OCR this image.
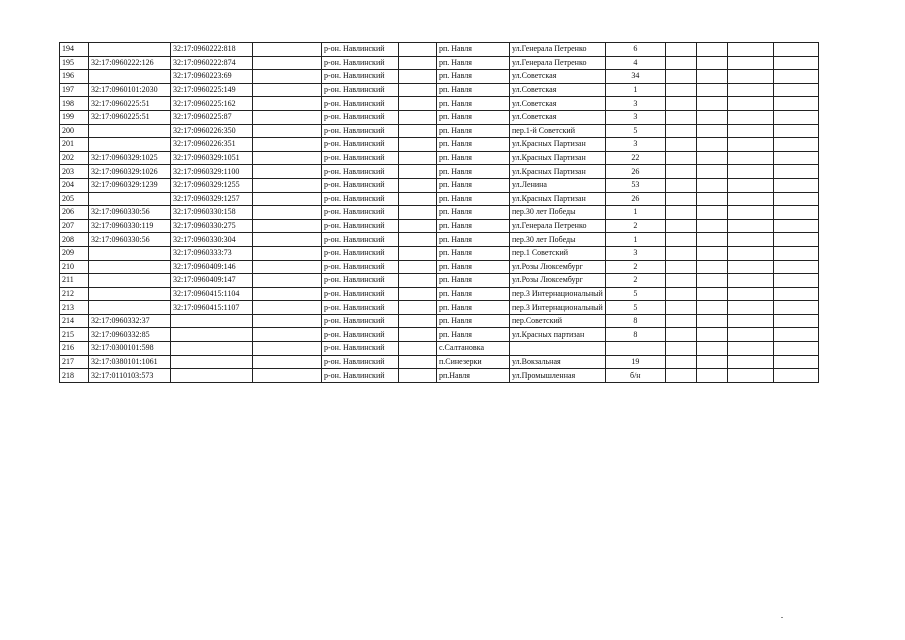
194		32:17:0960222:818		р-он. Навлинский		рп. Навля	ул.Генерала Петренко	6				
195	32:17:0960222:126	32:17:0960222:874		р-он. Навлинский		рп. Навля	ул.Генерала Петренко	4				
196		32:17:0960223:69		р-он. Навлинский		рп. Навля	ул.Советская	34				
197	32:17:0960101:2030	32:17:0960225:149		р-он. Навлинский		рп. Навля	ул.Советская	1				
198	32:17:0960225:51	32:17:0960225:162		р-он. Навлинский		рп. Навля	ул.Советская	3				
199	32:17:0960225:51	32:17:0960225:87		р-он. Навлинский		рп. Навля	ул.Советская	3				
200		32:17:0960226:350		р-он. Навлинский		рп. Навля	пер.1-й Советский	5				
201		32:17:0960226:351		р-он. Навлинский		рп. Навля	ул.Красных Партизан	3				
202	32:17:0960329:1025	32:17:0960329:1051		р-он. Навлинский		рп. Навля	ул.Красных Партизан	22				
203	32:17:0960329:1026	32:17:0960329:1100		р-он. Навлинский		рп. Навля	ул.Красных Партизан	26				
204	32:17:0960329:1239	32:17:0960329:1255		р-он. Навлинский		рп. Навля	ул.Ленина	53				
205		32:17:0960329:1257		р-он. Навлинский		рп. Навля	ул.Красных Партизан	26				
206	32:17:0960330:56	32:17:0960330:158		р-он. Навлинский		рп. Навля	пер.30 лет Победы	1				
207	32:17:0960330:119	32:17:0960330:275		р-он. Навлинский		рп. Навля	ул.Генерала Петренко	2				
208	32:17:0960330:56	32:17:0960330:304		р-он. Навлинский		рп. Навля	пер.30 лет Победы	1				
209		32:17:0960333:73		р-он. Навлинский		рп. Навля	пер.1 Советский	3				
210		32:17:0960409:146		р-он. Навлинский		рп. Навля	ул.Розы Люксембург	2				
211		32:17:0960409:147		р-он. Навлинский		рп. Навля	ул.Розы Люксембург	2				
212		32:17:0960415:1104		р-он. Навлинский		рп. Навля	пер.3 Интернациональный	5				
213		32:17:0960415:1107		р-он. Навлинский		рп. Навля	пер.3 Интернациональный	5				
214	32:17:0960332:37			р-он. Навлинский		рп. Навля	пер.Советский	8				
215	32:17:0960332:85			р-он. Навлинский		рп. Навля	ул.Красных партизан	8				
216	32:17:0300101:598			р-он. Навлинский		с.Салтановка						
217	32:17:0380101:1061			р-он. Навлинский		п.Синезерки	ул.Вокзальная	19				
218	32:17:0110103:573			р-он. Навлинский		рп.Навля	ул.Промышленная	б/н				
